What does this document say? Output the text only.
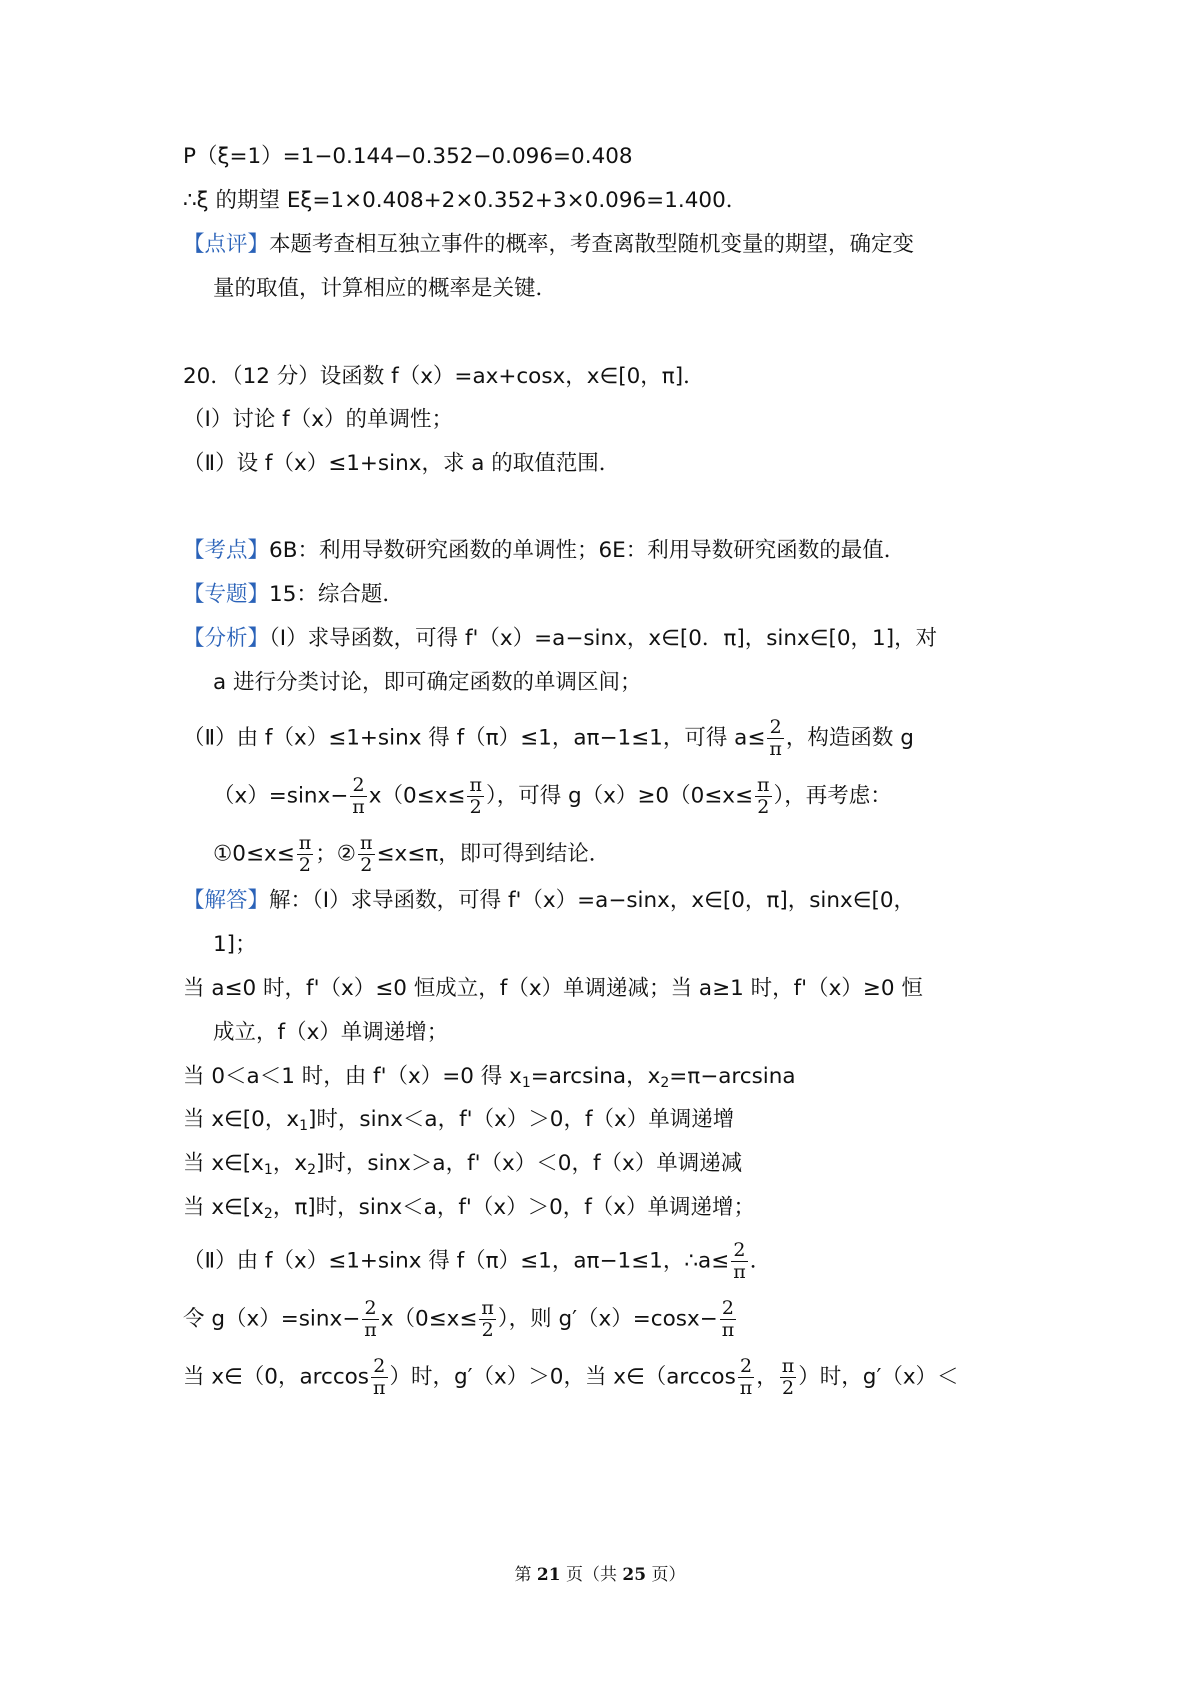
P（ξ=1）=1−0.144−0.352−0.096=0.408
∴ξ 的期望 Eξ=1×0.408+2×0.352+3×0.096=1.400．
【点评】本题考查相互独立事件的概率，考查离散型随机变量的期望，确定变
量的取值，计算相应的概率是关键．
20．（12 分）设函数 f（x）=ax+cosx，x∈[0，π]．
（Ⅰ）讨论 f（x）的单调性；
（Ⅱ）设 f（x）≤1+sinx，求 a 的取值范围．
【考点】6B：利用导数研究函数的单调性；6E：利用导数研究函数的最值．
【专题】15：综合题．
【分析】（Ⅰ）求导函数，可得 f'（x）=a−sinx，x∈[0．π]，sinx∈[0，1]，对
a 进行分类讨论，即可确定函数的单调区间；
（Ⅱ）由 f（x）≤1+sinx 得 f（π）≤1，aπ−1≤1，可得 $a\le \frac{2}{\pi}$ ，构造函数 g
$(x)=\sin x- \frac{2}{\pi} x(0\le x\le \frac{\pi}{2}$ ），可得 $g(x)\ge 0(0\le x\le \frac{\pi}{2}$ ），再考虑：
①0≤x≤ $\frac{\pi}{2}$ ；② $\frac{\pi}{2} \le x\le\pi$，即可得到结论．
【解答】解：（Ⅰ）求导函数，可得 f'（x）=a−sinx，x∈[0，π]，sinx∈[0，
1]；
当 a≤0 时，f'（x）≤0 恒成立，f（x）单调递减；当 a≥1 时，f'（x）≥0 恒
成立，f（x）单调递增；
当 0＜a＜1 时，由 f'（x）=0 得 $x_1=\arcsin a$，$x_2=\pi-\arcsin a$
当 x∈[0，$x_1$]时，sinx＜a，f'（x）＞0，f（x）单调递增
当 $x\in[x_1$，$x_2$]时，sinx＞a，f'（x）＜0，f（x）单调递减
当 $x\in[x_2$，π]时，sinx＜a，f'（x）＞0，f（x）单调递增；
（Ⅱ）由 f（x）≤1+sinx 得 f（π）≤1，aπ−1≤1，∴a≤ $\frac{2}{\pi}$ ．
令 $g(x)=\sin x- \frac{2}{\pi} x(0\le x\le \frac{\pi}{2}$ ），则 $g'(x)=\cos x- \frac{2}{\pi}$
当 x∈（0，$\arccos \frac{2}{\pi}$ ）时，g′（x）＞0，当 x∈（arccos $\frac{2}{\pi}$ ， $\frac{\pi}{2}$ ）时，g′（x）＜
第 21 页（共 25 页）
